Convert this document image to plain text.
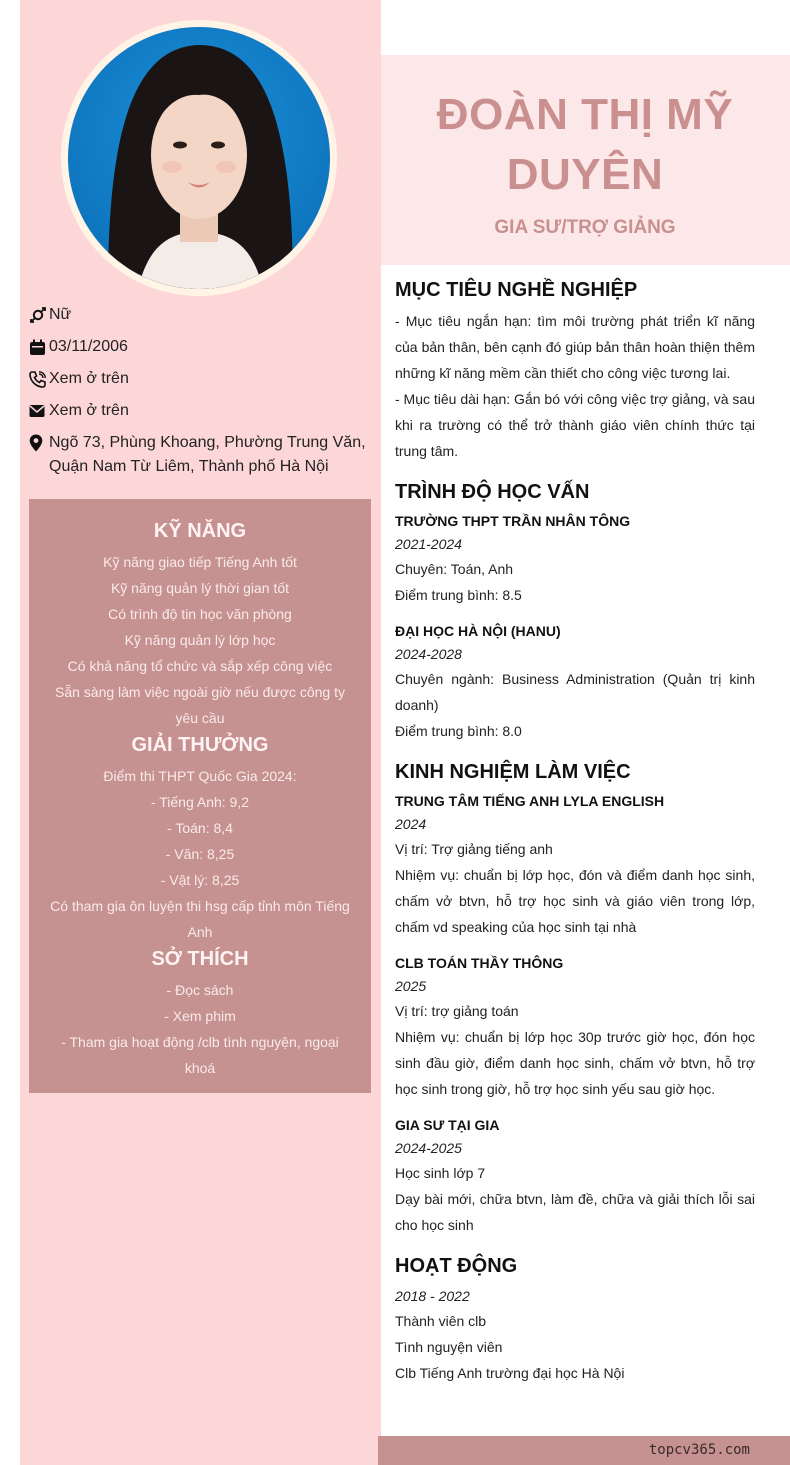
ĐOÀN THỊ MỸ
DUYÊN
GIA SƯ/TRỢ GIẢNG
Nữ
03/11/2006
Xem ở trên
Xem ở trên
Ngõ 73, Phùng Khoang, Phường Trung Văn, Quận Nam Từ Liêm, Thành phố Hà Nội
KỸ NĂNG
Kỹ năng giao tiếp Tiếng Anh tốt
Kỹ năng quản lý thời gian tốt
Có trình độ tin học văn phòng
Kỹ năng quản lý lớp học
Có khả năng tổ chức và sắp xếp công việc
Sẵn sàng làm việc ngoài giờ nếu được công ty yêu cầu
GIẢI THƯỞNG
Điểm thi THPT Quốc Gia 2024:
- Tiếng Anh: 9,2
- Toán: 8,4
- Văn: 8,25
- Vật lý: 8,25
Có tham gia ôn luyện thi hsg cấp tỉnh môn Tiếng Anh
SỞ THÍCH
- Đọc sách
- Xem phim
- Tham gia hoạt động /clb tình nguyện, ngoại khoá
MỤC TIÊU NGHỀ NGHIỆP
- Mục tiêu ngắn hạn: tìm môi trường phát triển kĩ năng của bản thân, bên cạnh đó giúp bản thân hoàn thiện thêm những kĩ năng mềm cần thiết cho công việc tương lai.
- Mục tiêu dài hạn: Gắn bó với công việc trợ giảng, và sau khi ra trường có thể trở thành giáo viên chính thức tại trung tâm.
TRÌNH ĐỘ HỌC VẤN
TRƯỜNG THPT TRẦN NHÂN TÔNG
2021-2024
Chuyên: Toán, Anh
Điểm trung bình: 8.5
ĐẠI HỌC HÀ NỘI (HANU)
2024-2028
Chuyên ngành: Business Administration (Quản trị kinh doanh)
Điểm trung bình: 8.0
KINH NGHIỆM LÀM VIỆC
TRUNG TÂM TIẾNG ANH LYLA ENGLISH
2024
Vị trí: Trợ giảng tiếng anh
Nhiệm vụ: chuẩn bị lớp học, đón và điểm danh học sinh, chấm vở btvn, hỗ trợ học sinh và giáo viên trong lớp, chấm vd speaking của học sinh tại nhà
CLB TOÁN THẦY THÔNG
2025
Vị trí: trợ giảng toán
Nhiệm vụ: chuẩn bị lớp học 30p trước giờ học, đón học sinh đầu giờ, điểm danh học sinh, chấm vở btvn, hỗ trợ học sinh trong giờ, hỗ trợ học sinh yếu sau giờ học.
GIA SƯ TẠI GIA
2024-2025
Học sinh lớp 7
Dạy bài mới, chữa btvn, làm đề, chữa và giải thích lỗi sai cho học sinh
HOẠT ĐỘNG
2018 - 2022
Thành viên clb
Tình nguyện viên
Clb Tiếng Anh trường đại học Hà Nội
topcv365.com
